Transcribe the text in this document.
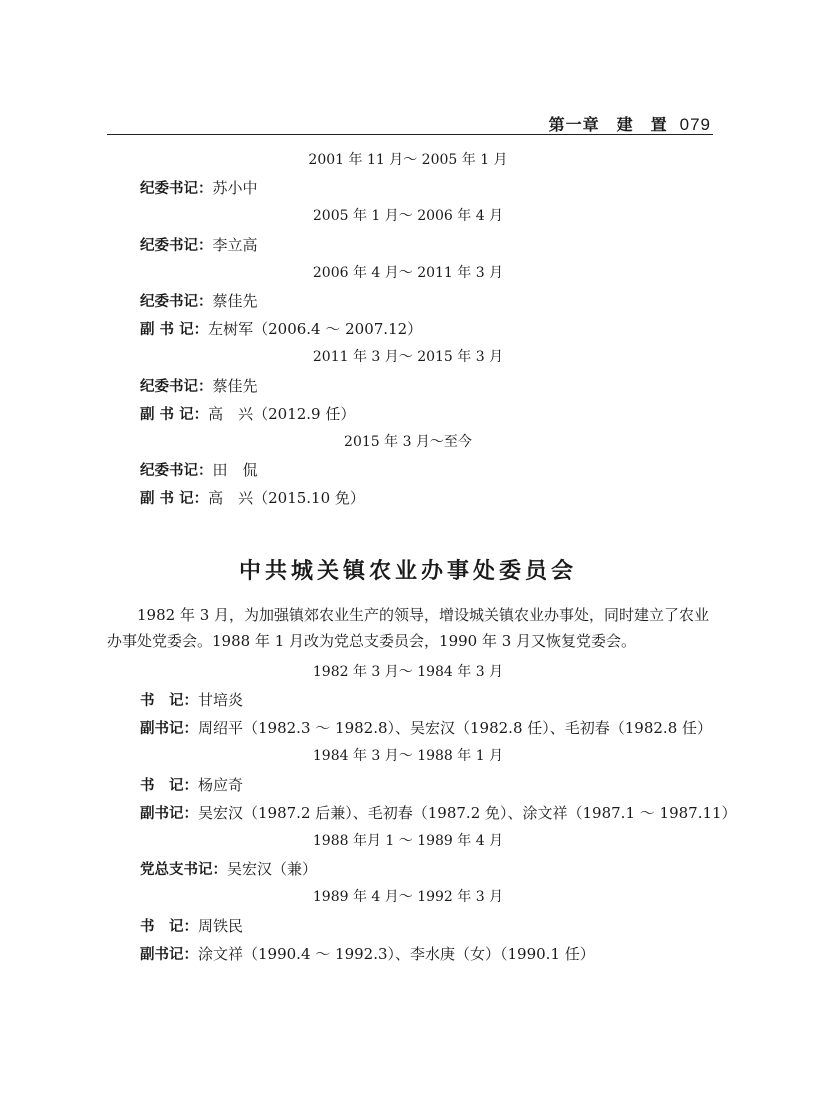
第一章　建　置 079
2001 年 11 月～ 2005 年 1 月
纪委书记：苏小中
2005 年 1 月～ 2006 年 4 月
纪委书记：李立高
2006 年 4 月～ 2011 年 3 月
纪委书记：蔡佳先
副 书 记：左树军（2006.4 ～ 2007.12）
2011 年 3 月～ 2015 年 3 月
纪委书记：蔡佳先
副 书 记：高　兴（2012.9 任）
2015 年 3 月～至今
纪委书记：田　侃
副 书 记：高　兴（2015.10 免）
中共城关镇农业办事处委员会
1982 年 3 月，为加强镇郊农业生产的领导，增设城关镇农业办事处，同时建立了农业办事处党委会。1988 年 1 月改为党总支委员会，1990 年 3 月又恢复党委会。
1982 年 3 月～ 1984 年 3 月
书　记：甘培炎
副书记：周绍平（1982.3 ～ 1982.8）、吴宏汉（1982.8 任）、毛初春（1982.8 任）
1984 年 3 月～ 1988 年 1 月
书　记：杨应奇
副书记：吴宏汉（1987.2 后兼）、毛初春（1987.2 免）、涂文祥（1987.1 ～ 1987.11）
1988 年月 1 ～ 1989 年 4 月
党总支书记：吴宏汉（兼）
1989 年 4 月～ 1992 年 3 月
书　记：周铁民
副书记：涂文祥（1990.4 ～ 1992.3）、李水庚（女）（1990.1 任）
